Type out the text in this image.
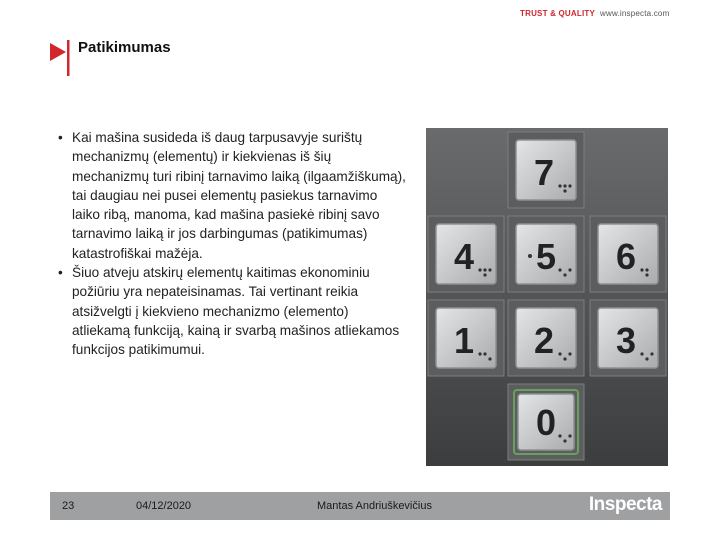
TRUST & QUALITY www.inspecta.com
Patikimumas
• Kai mašina susideda iš daug tarpusavyje surištų mechanizmų (elementų) ir kiekvienas iš šių mechanizmų turi ribinį tarnavimo laiką (ilgaamžiškumą), tai daugiau nei pusei elementų pasiekus tarnavimo laiko ribą, manoma, kad mašina pasiekė ribinį savo tarnavimo laiką ir jos darbingumas (patikimumas) katastrofiškai mažėja.
• Šiuo atveju atskirų elementų kaitimas ekonominiu požiūriu yra nepateisinamas. Tai vertinant reikia atsižvelgti į kiekvieno mechanizmo (elemento) atliekamą funkciją, kainą ir svarbą mašinos atliekamos funkcijos patikimumui.
7
4 5 6
1 2 3
0
23	04/12/2020	Mantas Andriuškevičius	Inspecta
